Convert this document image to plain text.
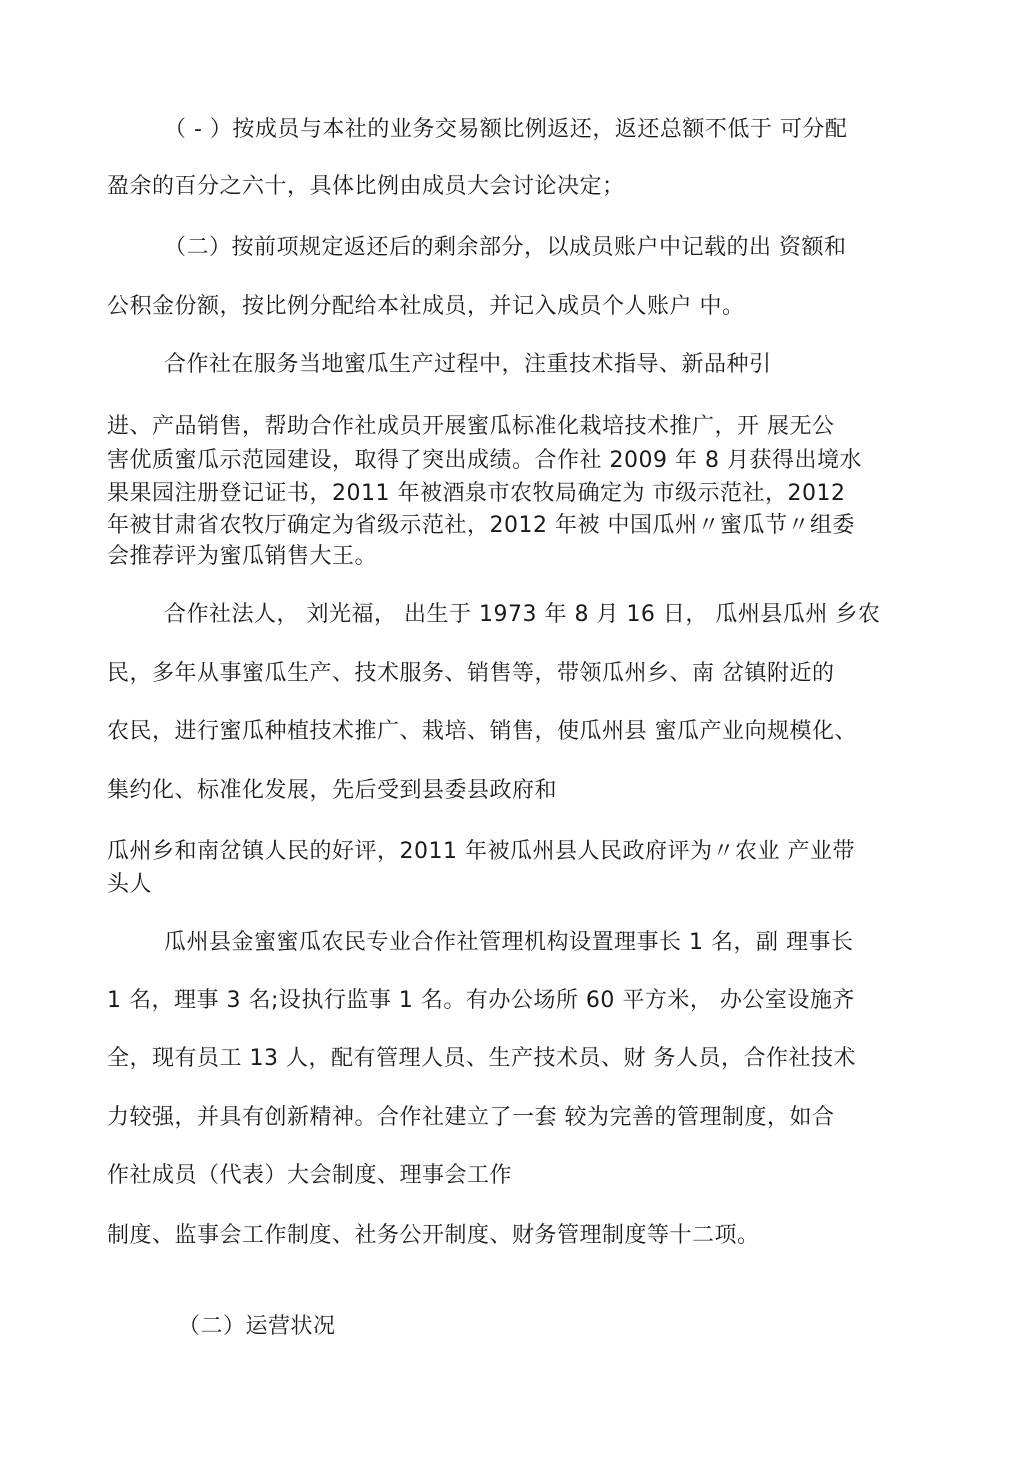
（ - ）按成员与本社的业务交易额比例返还，返还总额不低于 可分配
盈余的百分之六十，具体比例由成员大会讨论决定；
（二）按前项规定返还后的剩余部分，以成员账户中记载的出 资额和
公积金份额，按比例分配给本社成员，并记入成员个人账户 中。
合作社在服务当地蜜瓜生产过程中，注重技术指导、新品种引
进、产品销售，帮助合作社成员开展蜜瓜标准化栽培技术推广，开 展无公
害优质蜜瓜示范园建设，取得了突出成绩。合作社 2009 年 8 月获得出境水
果果园注册登记证书，2011 年被酒泉市农牧局确定为 市级示范社，2012
年被甘肃省农牧厅确定为省级示范社，2012 年被 中国瓜州〃蜜瓜节〃组委
会推荐评为蜜瓜销售大王。
合作社法人， 刘光福， 出生于 1973 年 8 月 16 日， 瓜州县瓜州 乡农
民，多年从事蜜瓜生产、技术服务、销售等，带领瓜州乡、南 岔镇附近的
农民，进行蜜瓜种植技术推广、栽培、销售，使瓜州县 蜜瓜产业向规模化、
集约化、标准化发展，先后受到县委县政府和
瓜州乡和南岔镇人民的好评，2011 年被瓜州县人民政府评为〃农业 产业带
头人
瓜州县金蜜蜜瓜农民专业合作社管理机构设置理事长 1 名，副 理事长
1 名，理事 3 名;设执行监事 1 名。有办公场所 60 平方米， 办公室设施齐
全，现有员工 13 人，配有管理人员、生产技术员、财 务人员，合作社技术
力较强，并具有创新精神。合作社建立了一套 较为完善的管理制度，如合
作社成员（代表）大会制度、理事会工作
制度、监事会工作制度、社务公开制度、财务管理制度等十二项。
（二）运营状况
